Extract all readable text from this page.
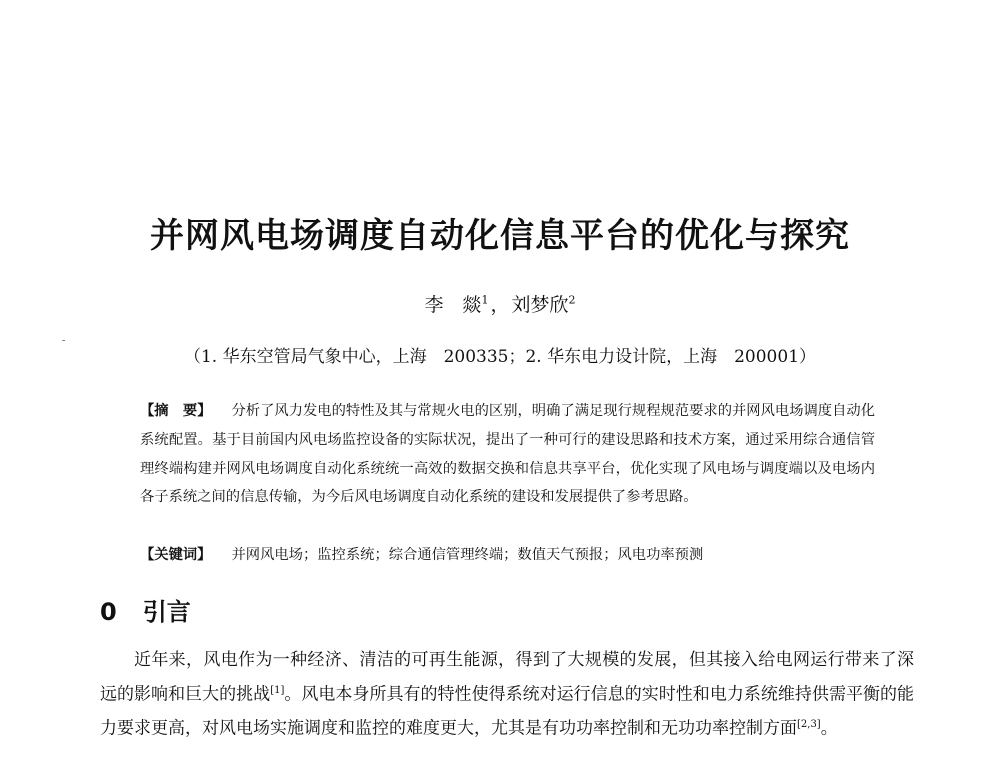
并网风电场调度自动化信息平台的优化与探究
李　燚$^1$ ， 刘梦欣$^2$
（1. 华东空管局气象中心，上海　200335；2. 华东电力设计院，上海　200001）
【摘　要】 分析了风力发电的特性及其与常规火电的区别，明确了满足现行规程规范要求的并网风电场调度自动化系统配置。基于目前国内风电场监控设备的实际状况，提出了一种可行的建设思路和技术方案，通过采用综合通信管理终端构建并网风电场调度自动化系统统一高效的数据交换和信息共享平台，优化实现了风电场与调度端以及电场内各子系统之间的信息传输，为今后风电场调度自动化系统的建设和发展提供了参考思路。
【关键词】 并网风电场；监控系统；综合通信管理终端；数值天气预报；风电功率预测
0 引言

近年来，风电作为一种经济、清洁的可再生能源，得到了大规模的发展，但其接入给电网运行带来了深远的影响和巨大的挑战[1]。风电本身所具有的特性使得系统对运行信息的实时性和电力系统维持供需平衡的能力要求更高，对风电场实施调度和监控的难度更大，尤其是有功功率控制和无功功率控制方面[2,3]。
